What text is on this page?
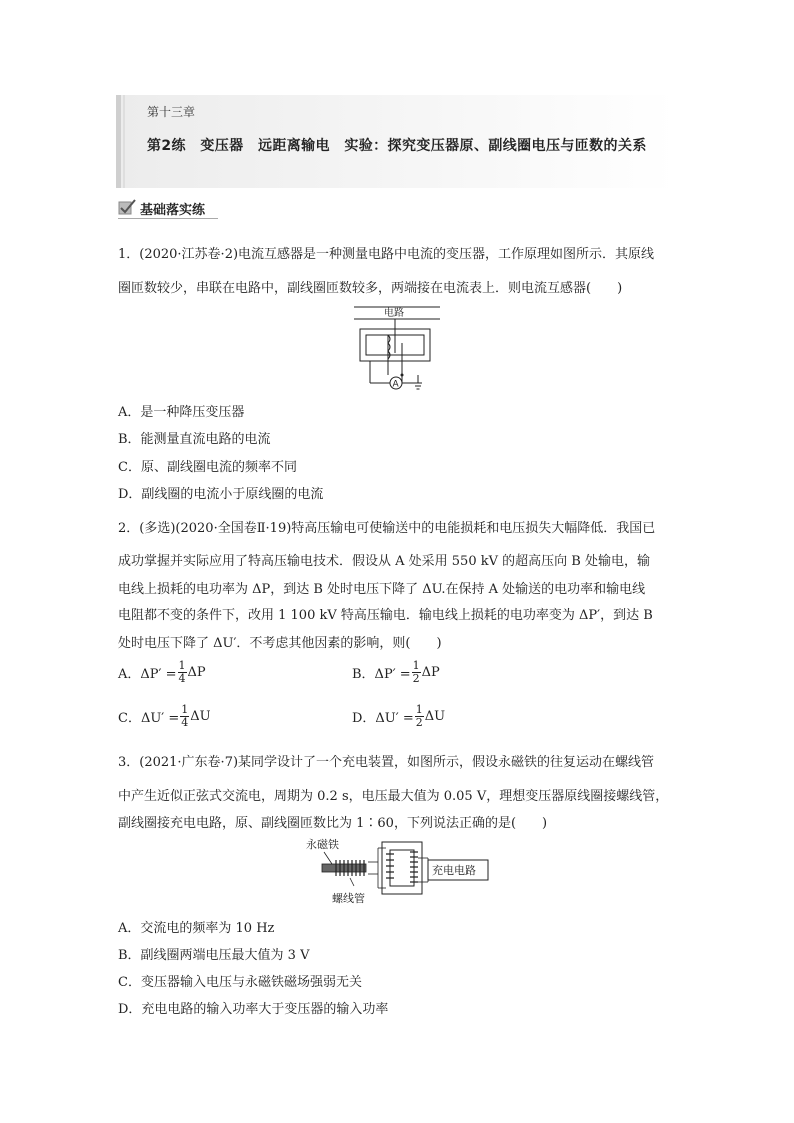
第十三章
第2练　变压器　远距离输电　实验：探究变压器原、副线圈电压与匝数的关系
基础落实练
1．(2020·江苏卷·2)电流互感器是一种测量电路中电流的变压器，工作原理如图所示．其原线
圈匝数较少，串联在电路中，副线圈匝数较多，两端接在电流表上．则电流互感器(　　)
电路
A
A．是一种降压变压器
B．能测量直流电路的电流
C．原、副线圈电流的频率不同
D．副线圈的电流小于原线圈的电流
2．(多选)(2020·全国卷Ⅱ·19)特高压输电可使输送中的电能损耗和电压损失大幅降低．我国已
成功掌握并实际应用了特高压输电技术．假设从 A 处采用 550 kV 的超高压向 B 处输电，输
电线上损耗的电功率为 ΔP，到达 B 处时电压下降了 ΔU.在保持 A 处输送的电功率和输电线
电阻都不变的条件下，改用 1 100 kV 特高压输电．输电线上损耗的电功率变为 ΔP′，到达 B
处时电压下降了 ΔU′．不考虑其他因素的影响，则(　　)
A．$\Delta P' = \frac{1}{4}$ ΔP	B．$\Delta P' = \frac{1}{2}$ ΔP
C．$\Delta U' = \frac{1}{4}$ ΔU	D．$\Delta U' = \frac{1}{2}$ ΔU
3．(2021·广东卷·7)某同学设计了一个充电装置，如图所示，假设永磁铁的往复运动在螺线管
中产生近似正弦式交流电，周期为 0.2 s，电压最大值为 0.05 V，理想变压器原线圈接螺线管，
副线圈接充电电路，原、副线圈匝数比为 1∶60，下列说法正确的是(　　)
永磁铁
螺线管
充电电路
A．交流电的频率为 10 Hz
B．副线圈两端电压最大值为 3 V
C．变压器输入电压与永磁铁磁场强弱无关
D．充电电路的输入功率大于变压器的输入功率
